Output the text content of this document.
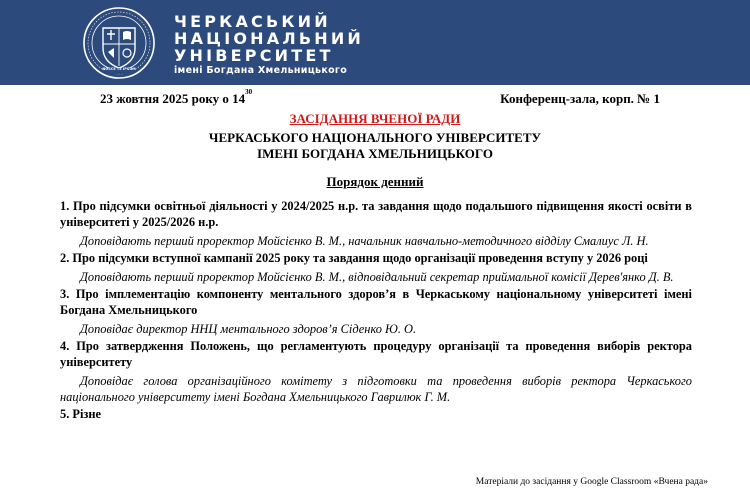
NOSCE TE IPSUM
ЧЕРКАСЬКИЙ
НАЦІОНАЛЬНИЙ
УНІВЕРСИТЕТ
імені Богдана Хмельницького
23 жовтня 2025 року о $14^{30}$	Конференц-зала, корп. № 1
ЗАСІДАННЯ ВЧЕНОЇ РАДИ
ЧЕРКАСЬКОГО НАЦІОНАЛЬНОГО УНІВЕРСИТЕТУ
ІМЕНІ БОГДАНА ХМЕЛЬНИЦЬКОГО
Порядок денний
1. Про підсумки освітньої діяльності у 2024/2025 н.р. та завдання щодо подальшого підвищення якості освіти в університеті у 2025/2026 н.р.
Доповідають перший проректор Мойсієнко В. М., начальник навчально-методичного відділу Смалиус Л. Н.
2. Про підсумки вступної кампанії 2025 року та завдання щодо організації проведення вступу у 2026 році
Доповідають перший проректор Мойсієнко В. М., відповідальний секретар приймальної комісії Дерев'янко Д. В.
3. Про імплементацію компоненту ментального здоров’я в Черкаському національному університеті імені Богдана Хмельницького
Доповідає директор ННЦ ментального здоров’я Сіденко Ю. О.
4. Про затвердження Положень, що регламентують процедуру організації та проведення виборів ректора університету
Доповідає голова організаційного комітету з підготовки та проведення виборів ректора Черкаського національного університету імені Богдана Хмельницького Гаврилюк Г. М.
5. Різне
Матеріали до засідання у Google Classroom «Вчена рада»
